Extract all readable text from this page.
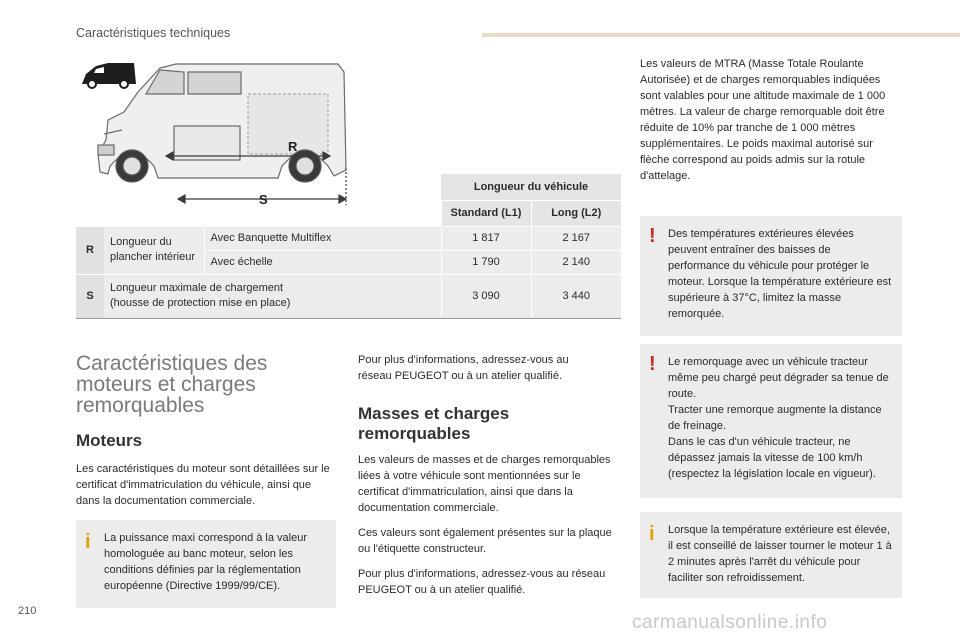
Caractéristiques techniques
R
S
			Longueur du véhicule	
			Standard (L1)	Long (L2)
R	Longueur du plancher intérieur	Avec Banquette Multiflex	1 817	2 167
		Avec échelle	1 790	2 140
S	Longueur maximale de chargement
(housse de protection mise en place)		3 090	3 440

Caractéristiques des moteurs et charges remorquables
Moteurs
Les caractéristiques du moteur sont détaillées sur le certificat d'immatriculation du véhicule, ainsi que dans la documentation commerciale.
i La puissance maxi correspond à la valeur homologuée au banc moteur, selon les conditions définies par la réglementation européenne (Directive 1999/99/CE).
Pour plus d'informations, adressez-vous au réseau PEUGEOT ou à un atelier qualifié.
Masses et charges remorquables
Les valeurs de masses et de charges remorquables liées à votre véhicule sont mentionnées sur le certificat d'immatriculation, ainsi que dans la documentation commerciale.
Ces valeurs sont également présentes sur la plaque ou l'étiquette constructeur.
Pour plus d'informations, adressez-vous au réseau PEUGEOT ou à un atelier qualifié.
Les valeurs de MTRA (Masse Totale Roulante Autorisée) et de charges remorquables indiquées sont valables pour une altitude maximale de 1 000 mètres. La valeur de charge remorquable doit être réduite de 10% par tranche de 1 000 mètres supplémentaires. Le poids maximal autorisé sur flèche correspond au poids admis sur la rotule d'attelage.
! Des températures extérieures élevées peuvent entraîner des baisses de performance du véhicule pour protéger le moteur. Lorsque la température extérieure est supérieure à 37°C, limitez la masse remorquée.
! Le remorquage avec un véhicule tracteur même peu chargé peut dégrader sa tenue de route.
Tracter une remorque augmente la distance de freinage.
Dans le cas d'un véhicule tracteur, ne dépassez jamais la vitesse de 100 km/h (respectez la législation locale en vigueur).
i Lorsque la température extérieure est élevée, il est conseillé de laisser tourner le moteur 1 à 2 minutes après l'arrêt du véhicule pour faciliter son refroidissement.
210
carmanualsonline.info
